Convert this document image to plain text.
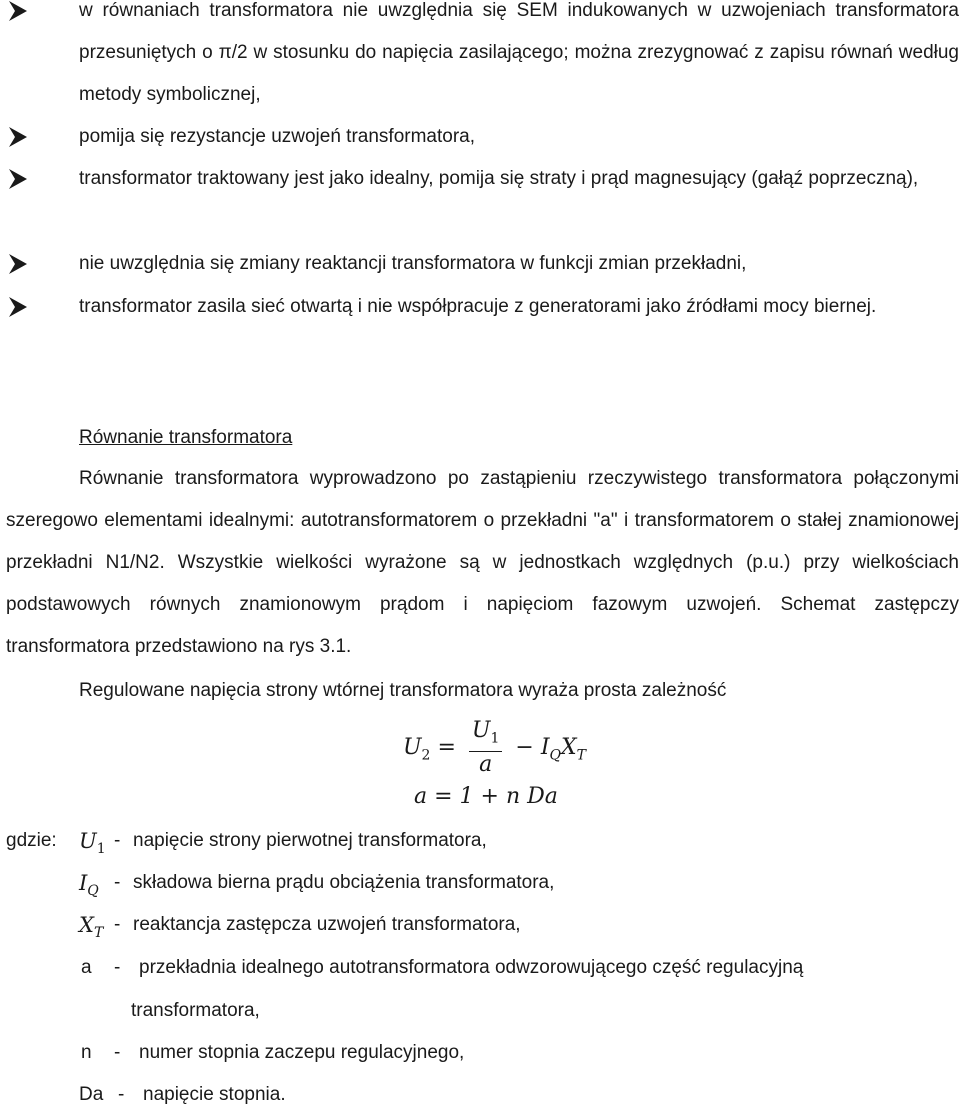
w równaniach transformatora nie uwzględnia się SEM indukowanych w uzwojeniach transformatora przesuniętych o π/2 w stosunku do napięcia zasilającego; można zrezygnować z zapisu równań według metody symbolicznej,
pomija się rezystancje uzwojeń transformatora,
transformator traktowany jest jako idealny, pomija się straty i prąd magnesujący (gałąź poprzeczną),
nie uwzględnia się zmiany reaktancji transformatora w funkcji zmian przekładni,
transformator zasila sieć otwartą i nie współpracuje z generatorami jako źródłami mocy biernej.
Równanie transformatora
Równanie transformatora wyprowadzono po zastąpieniu rzeczywistego transformatora połączonymi szeregowo elementami idealnymi: autotransformatorem o przekładni "a" i transformatorem o stałej znamionowej przekładni N1/N2. Wszystkie wielkości wyrażone są w jednostkach względnych (p.u.) przy wielkościach podstawowych równych znamionowym prądom i napięciom fazowym uzwojeń. Schemat zastępczy transformatora przedstawiono na rys 3.1.
Regulowane napięcia strony wtórnej transformatora wyraża prosta zależność
$U_2 = \frac{U_1}{a} - I_QX_T$
a = 1 + n Da
gdzie: $U_1$ - napięcie strony pierwotnej transformatora,
$I_Q$ - składowa bierna prądu obciążenia transformatora,
$X_T$ - reaktancja zastępcza uzwojeń transformatora,
a - przekładnia idealnego autotransformatora odwzorowującego część regulacyjną
transformatora,
n - numer stopnia zaczepu regulacyjnego,
Da - napięcie stopnia.
